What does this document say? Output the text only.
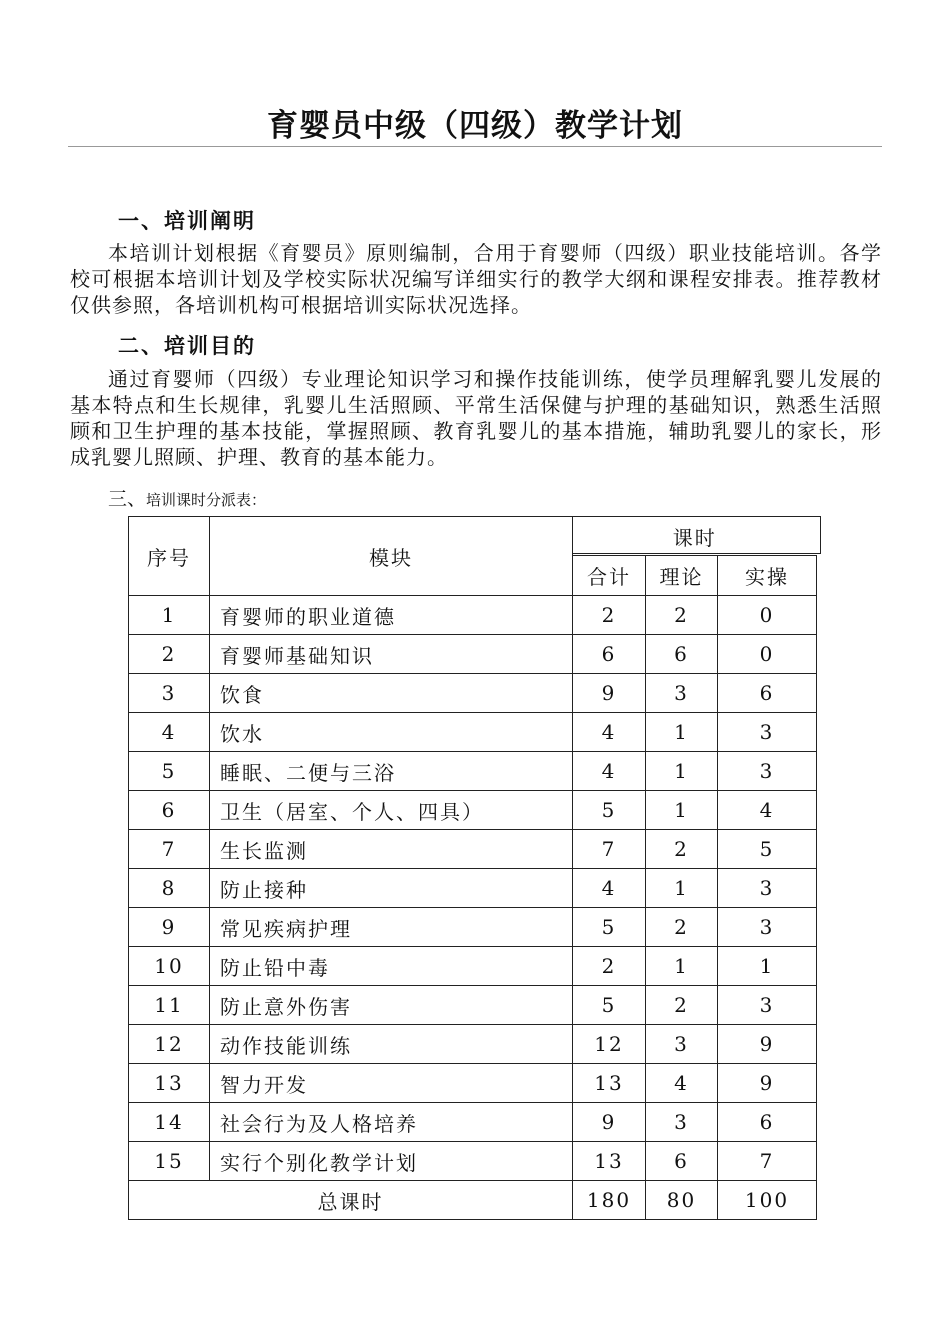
育婴员中级（四级）教学计划
一、培训阐明
本培训计划根据《育婴员》原则编制，合用于育婴师（四级）职业技能培训。各学校可根据本培训计划及学校实际状况编写详细实行的教学大纲和课程安排表。推荐教材仅供参照，各培训机构可根据培训实际状况选择。
二、培训目的
通过育婴师（四级）专业理论知识学习和操作技能训练，使学员理解乳婴儿发展的基本特点和生长规律，乳婴儿生活照顾、平常生活保健与护理的基础知识，熟悉生活照顾和卫生护理的基本技能，掌握照顾、教育乳婴儿的基本措施，辅助乳婴儿的家长，形成乳婴儿照顾、护理、教育的基本能力。
三、培训课时分派表：
序号	模块	课时		
		合计	理论	实操
1	育婴师的职业道德	2	2	0
2	育婴师基础知识	6	6	0
3	饮食	9	3	6
4	饮水	4	1	3
5	睡眠、二便与三浴	4	1	3
6	卫生（居室、个人、四具）	5	1	4
7	生长监测	7	2	5
8	防止接种	4	1	3
9	常见疾病护理	5	2	3
10	防止铅中毒	2	1	1
11	防止意外伤害	5	2	3
12	动作技能训练	12	3	9
13	智力开发	13	4	9
14	社会行为及人格培养	9	3	6
15	实行个别化教学计划	13	6	7
总课时		180	80	100
